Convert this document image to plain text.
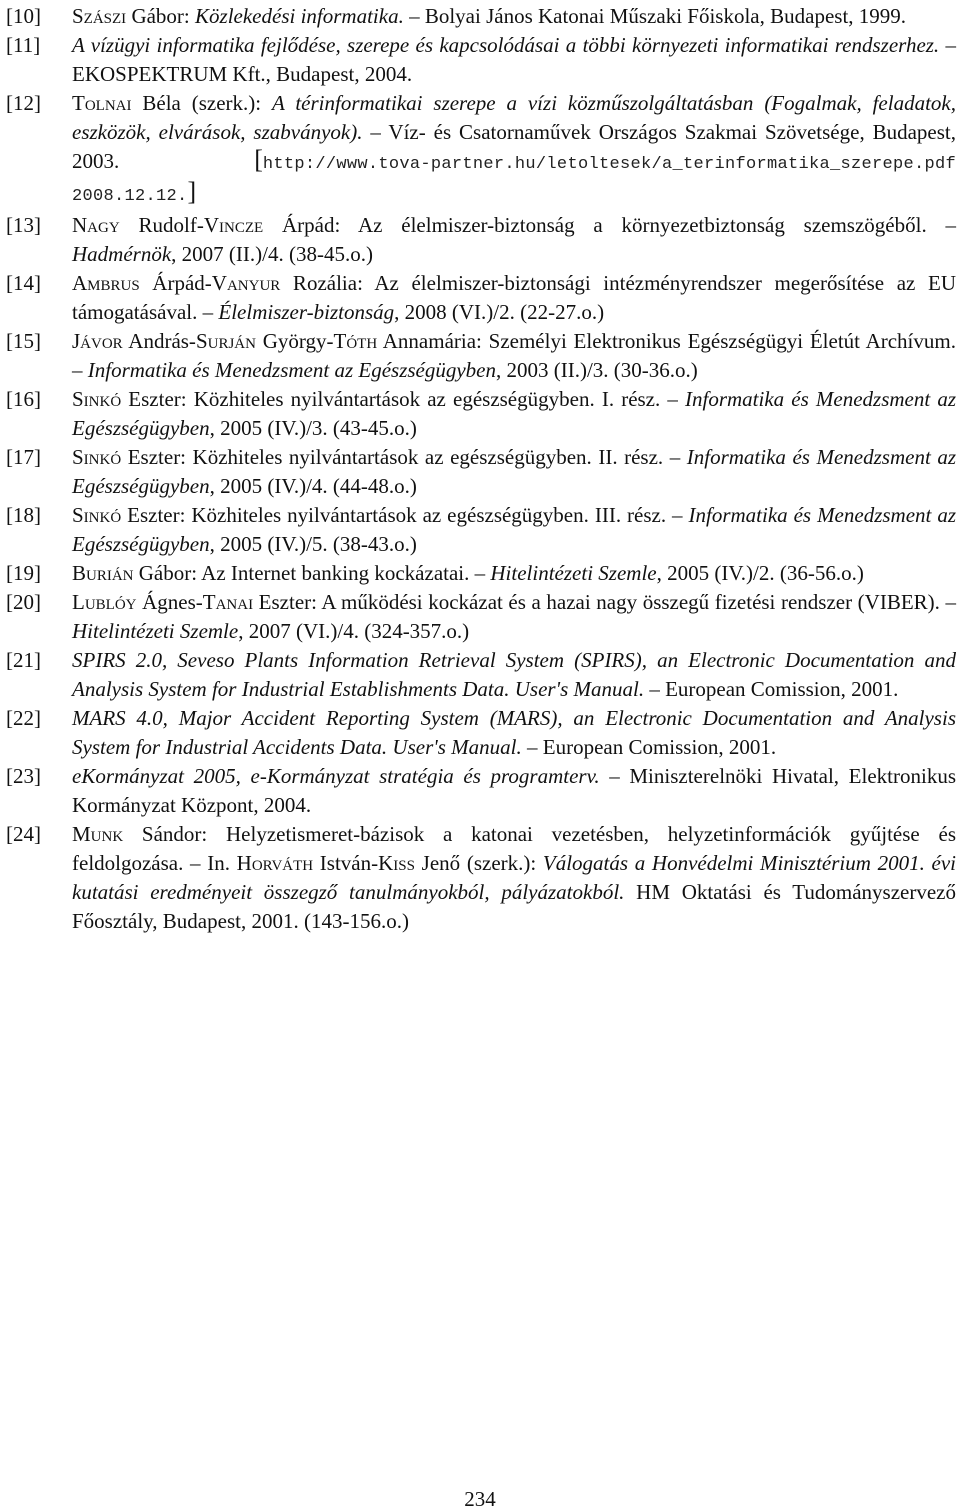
[10] Szászi Gábor: Közlekedési informatika. – Bolyai János Katonai Műszaki Főiskola, Budapest, 1999.

[11] A vízügyi informatika fejlődése, szerepe és kapcsolódásai a többi környezeti informatikai rendszerhez. – EKOSPEKTRUM Kft., Budapest, 2004.

[12] Tolnai Béla (szerk.): A térinformatikai szerepe a vízi közműszolgáltatásban (Fogalmak, feladatok, eszközök, elvárások, szabványok). – Víz- és Csatornaművek Országos Szakmai Szövetsége, Budapest, 2003. [http://www.tova-partner.hu/letoltesek/a_terinformatika_szerepe.pdf 2008.12.12.]

[13] Nagy Rudolf-Vincze Árpád: Az élelmiszer-biztonság a környezetbiztonság szemszögéből. – Hadmérnök, 2007 (II.)/4. (38-45.o.)

[14] Ambrus Árpád-Vanyur Rozália: Az élelmiszer-biztonsági intézményrendszer megerősítése az EU támogatásával. – Élelmiszer-biztonság, 2008 (VI.)/2. (22-27.o.)

[15] Jávor András-Surján György-Tóth Annamária: Személyi Elektronikus Egészségügyi Életút Archívum. – Informatika és Menedzsment az Egészségügyben, 2003 (II.)/3. (30-36.o.)

[16] Sinkó Eszter: Közhiteles nyilvántartások az egészségügyben. I. rész. – Informatika és Menedzsment az Egészségügyben, 2005 (IV.)/3. (43-45.o.)

[17] Sinkó Eszter: Közhiteles nyilvántartások az egészségügyben. II. rész. – Informatika és Menedzsment az Egészségügyben, 2005 (IV.)/4. (44-48.o.)

[18] Sinkó Eszter: Közhiteles nyilvántartások az egészségügyben. III. rész. – Informatika és Menedzsment az Egészségügyben, 2005 (IV.)/5. (38-43.o.)

[19] Burián Gábor: Az Internet banking kockázatai. – Hitelintézeti Szemle, 2005 (IV.)/2. (36-56.o.)

[20] Lublóy Ágnes-Tanai Eszter: A működési kockázat és a hazai nagy összegű fizetési rendszer (VIBER). – Hitelintézeti Szemle, 2007 (VI.)/4. (324-357.o.)

[21] SPIRS 2.0, Seveso Plants Information Retrieval System (SPIRS), an Electronic Documentation and Analysis System for Industrial Establishments Data. User's Manual. – European Comission, 2001.

[22] MARS 4.0, Major Accident Reporting System (MARS), an Electronic Documentation and Analysis System for Industrial Accidents Data. User's Manual. – European Comission, 2001.

[23] eKormányzat 2005, e-Kormányzat stratégia és programterv. – Miniszterelnöki Hivatal, Elektronikus Kormányzat Központ, 2004.

[24] Munk Sándor: Helyzetismeret-bázisok a katonai vezetésben, helyzetinformációk gyűjtése és feldolgozása. – In. Horváth István-Kiss Jenő (szerk.): Válogatás a Honvédelmi Minisztérium 2001. évi kutatási eredményeit összegző tanulmányokból, pályázatokból. HM Oktatási és Tudományszervező Főosztály, Budapest, 2001. (143-156.o.)

234
